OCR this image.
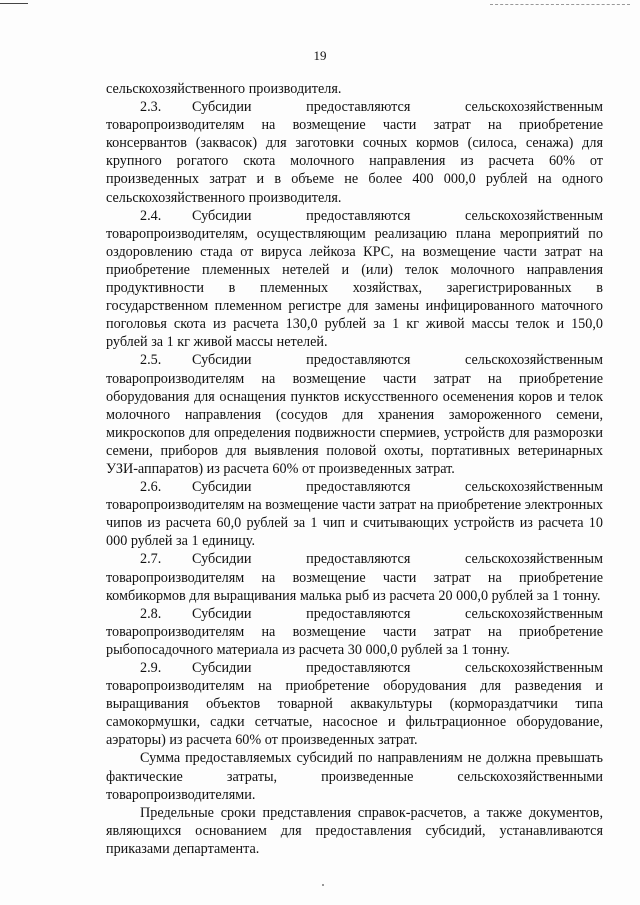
19

сельскохозяйственного производителя.

2.3. Субсидии предоставляются сельскохозяйственным товаропроизводителям на возмещение части затрат на приобретение консервантов (заквасок) для заготовки сочных кормов (силоса, сенажа) для крупного рогатого скота молочного направления из расчета 60% от произведенных затрат и в объеме не более 400 000,0 рублей на одного сельскохозяйственного производителя.

2.4. Субсидии предоставляются сельскохозяйственным товаропроизводителям, осуществляющим реализацию плана мероприятий по оздоровлению стада от вируса лейкоза КРС, на возмещение части затрат на приобретение племенных нетелей и (или) телок молочного направления продуктивности в племенных хозяйствах, зарегистрированных в государственном племенном регистре для замены инфицированного маточного поголовья скота из расчета 130,0 рублей за 1 кг живой массы телок и 150,0 рублей за 1 кг живой массы нетелей.

2.5. Субсидии предоставляются сельскохозяйственным товаропроизводителям на возмещение части затрат на приобретение оборудования для оснащения пунктов искусственного осеменения коров и телок молочного направления (сосудов для хранения замороженного семени, микроскопов для определения подвижности спермиев, устройств для разморозки семени, приборов для выявления половой охоты, портативных ветеринарных УЗИ-аппаратов) из расчета 60% от произведенных затрат.

2.6. Субсидии предоставляются сельскохозяйственным товаропроизводителям на возмещение части затрат на приобретение электронных чипов из расчета 60,0 рублей за 1 чип и считывающих устройств из расчета 10 000 рублей за 1 единицу.

2.7. Субсидии предоставляются сельскохозяйственным товаропроизводителям на возмещение части затрат на приобретение комбикормов для выращивания малька рыб из расчета 20 000,0 рублей за 1 тонну.

2.8. Субсидии предоставляются сельскохозяйственным товаропроизводителям на возмещение части затрат на приобретение рыбопосадочного материала из расчета 30 000,0 рублей за 1 тонну.

2.9. Субсидии предоставляются сельскохозяйственным товаропроизводителям на приобретение оборудования для разведения и выращивания объектов товарной аквакультуры (кормораздатчики типа самокормушки, садки сетчатые, насосное и фильтрационное оборудование, аэраторы) из расчета 60% от произведенных затрат.

Сумма предоставляемых субсидий по направлениям не должна превышать фактические затраты, произведенные сельскохозяйственными товаропроизводителями.

Предельные сроки представления справок-расчетов, а также документов, являющихся основанием для предоставления субсидий, устанавливаются приказами департамента.
